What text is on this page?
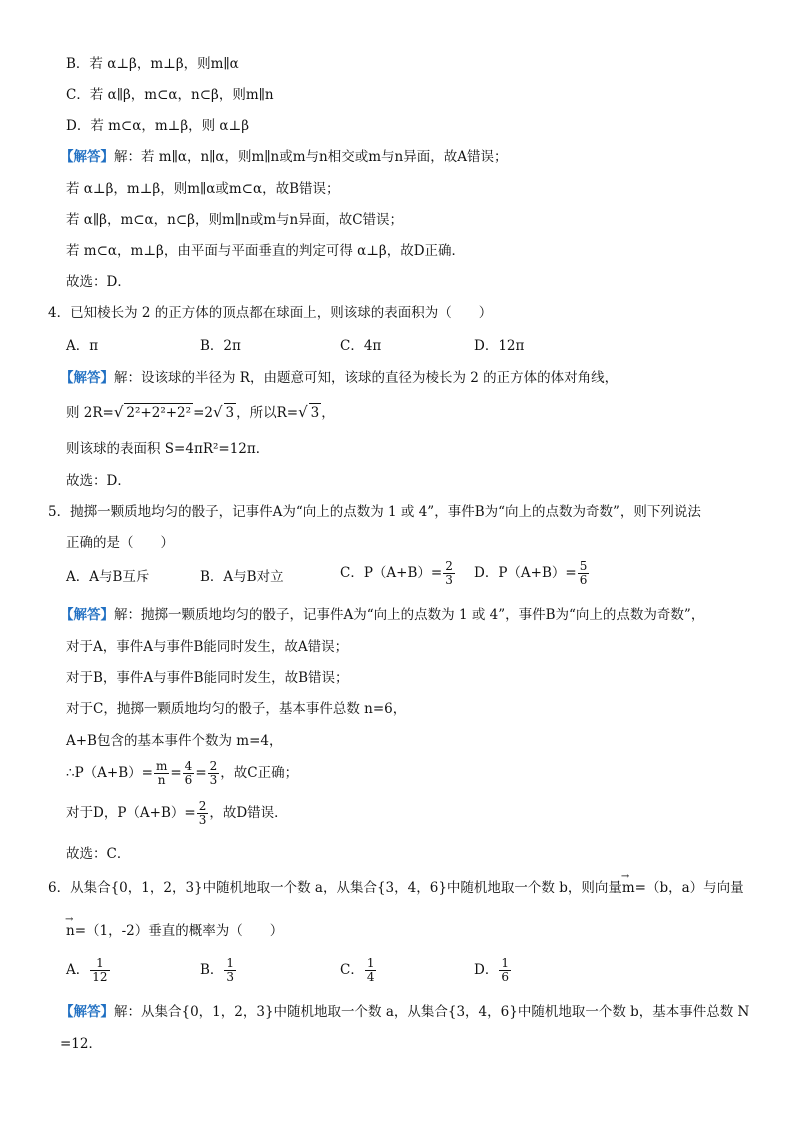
B．若 α⊥β，m⊥β，则m∥α
C．若 α∥β，m⊂α，n⊂β，则m∥n
D．若 m⊂α，m⊥β，则 α⊥β
【解答】解：若 m∥α，n∥α，则m∥n或m与n相交或m与n异面，故A错误；
若 α⊥β，m⊥β，则m∥α或m⊂α，故B错误；
若 α∥β，m⊂α，n⊂β，则m∥n或m与n异面，故C错误；
若 m⊂α，m⊥β，由平面与平面垂直的判定可得 α⊥β，故D正确．
故选：D．
4．已知棱长为 2 的正方体的顶点都在球面上，则该球的表面积为（　　）
A．π	B．2π	C．4π	D．12π
【解答】解：设该球的半径为 R，由题意可知，该球的直径为棱长为 2 的正方体的体对角线，
则 2R=√ 2²+2²+2² =2√ 3 ，所以R=√ 3 ，
则该球的表面积 S=4πR²=12π．
故选：D．
5．抛掷一颗质地均匀的骰子，记事件A为“向上的点数为 1 或 4”，事件B为“向上的点数为奇数”，则下列说法
正确的是（　　）
A．A与B互斥	B．A与B对立	C．$P(A+B)= \frac{2}{3}$ D．$P(A+B)= \frac{5}{6}$
【解答】解：抛掷一颗质地均匀的骰子，记事件A为“向上的点数为 1 或 4”，事件B为“向上的点数为奇数”，
对于A，事件A与事件B能同时发生，故A错误；
对于B，事件A与事件B能同时发生，故B错误；
对于C，抛掷一颗质地均匀的骰子，基本事件总数 n=6，
A+B包含的基本事件个数为 m=4，
∴P（A+B）= $\frac{m}{n} = \frac{4}{6} = \frac{2}{3}$ ，故C正确；
对于D，$P(A+B)= \frac{2}{3}$ ，故D错误．
故选：C．
6．从集合{0，1，2，3}中随机地取一个数 a，从集合{3，4，6}中随机地取一个数 b，则向量→ m=（b，a）与向量
→ n=（1，-2）垂直的概率为（　　）
A． $\frac{1}{12}$	B． $\frac{1}{3}$	C． $\frac{1}{4}$	D． $\frac{1}{6}$
【解答】解：从集合{0，1，2，3}中随机地取一个数 a，从集合{3，4，6}中随机地取一个数 b，基本事件总数 N
=12．
